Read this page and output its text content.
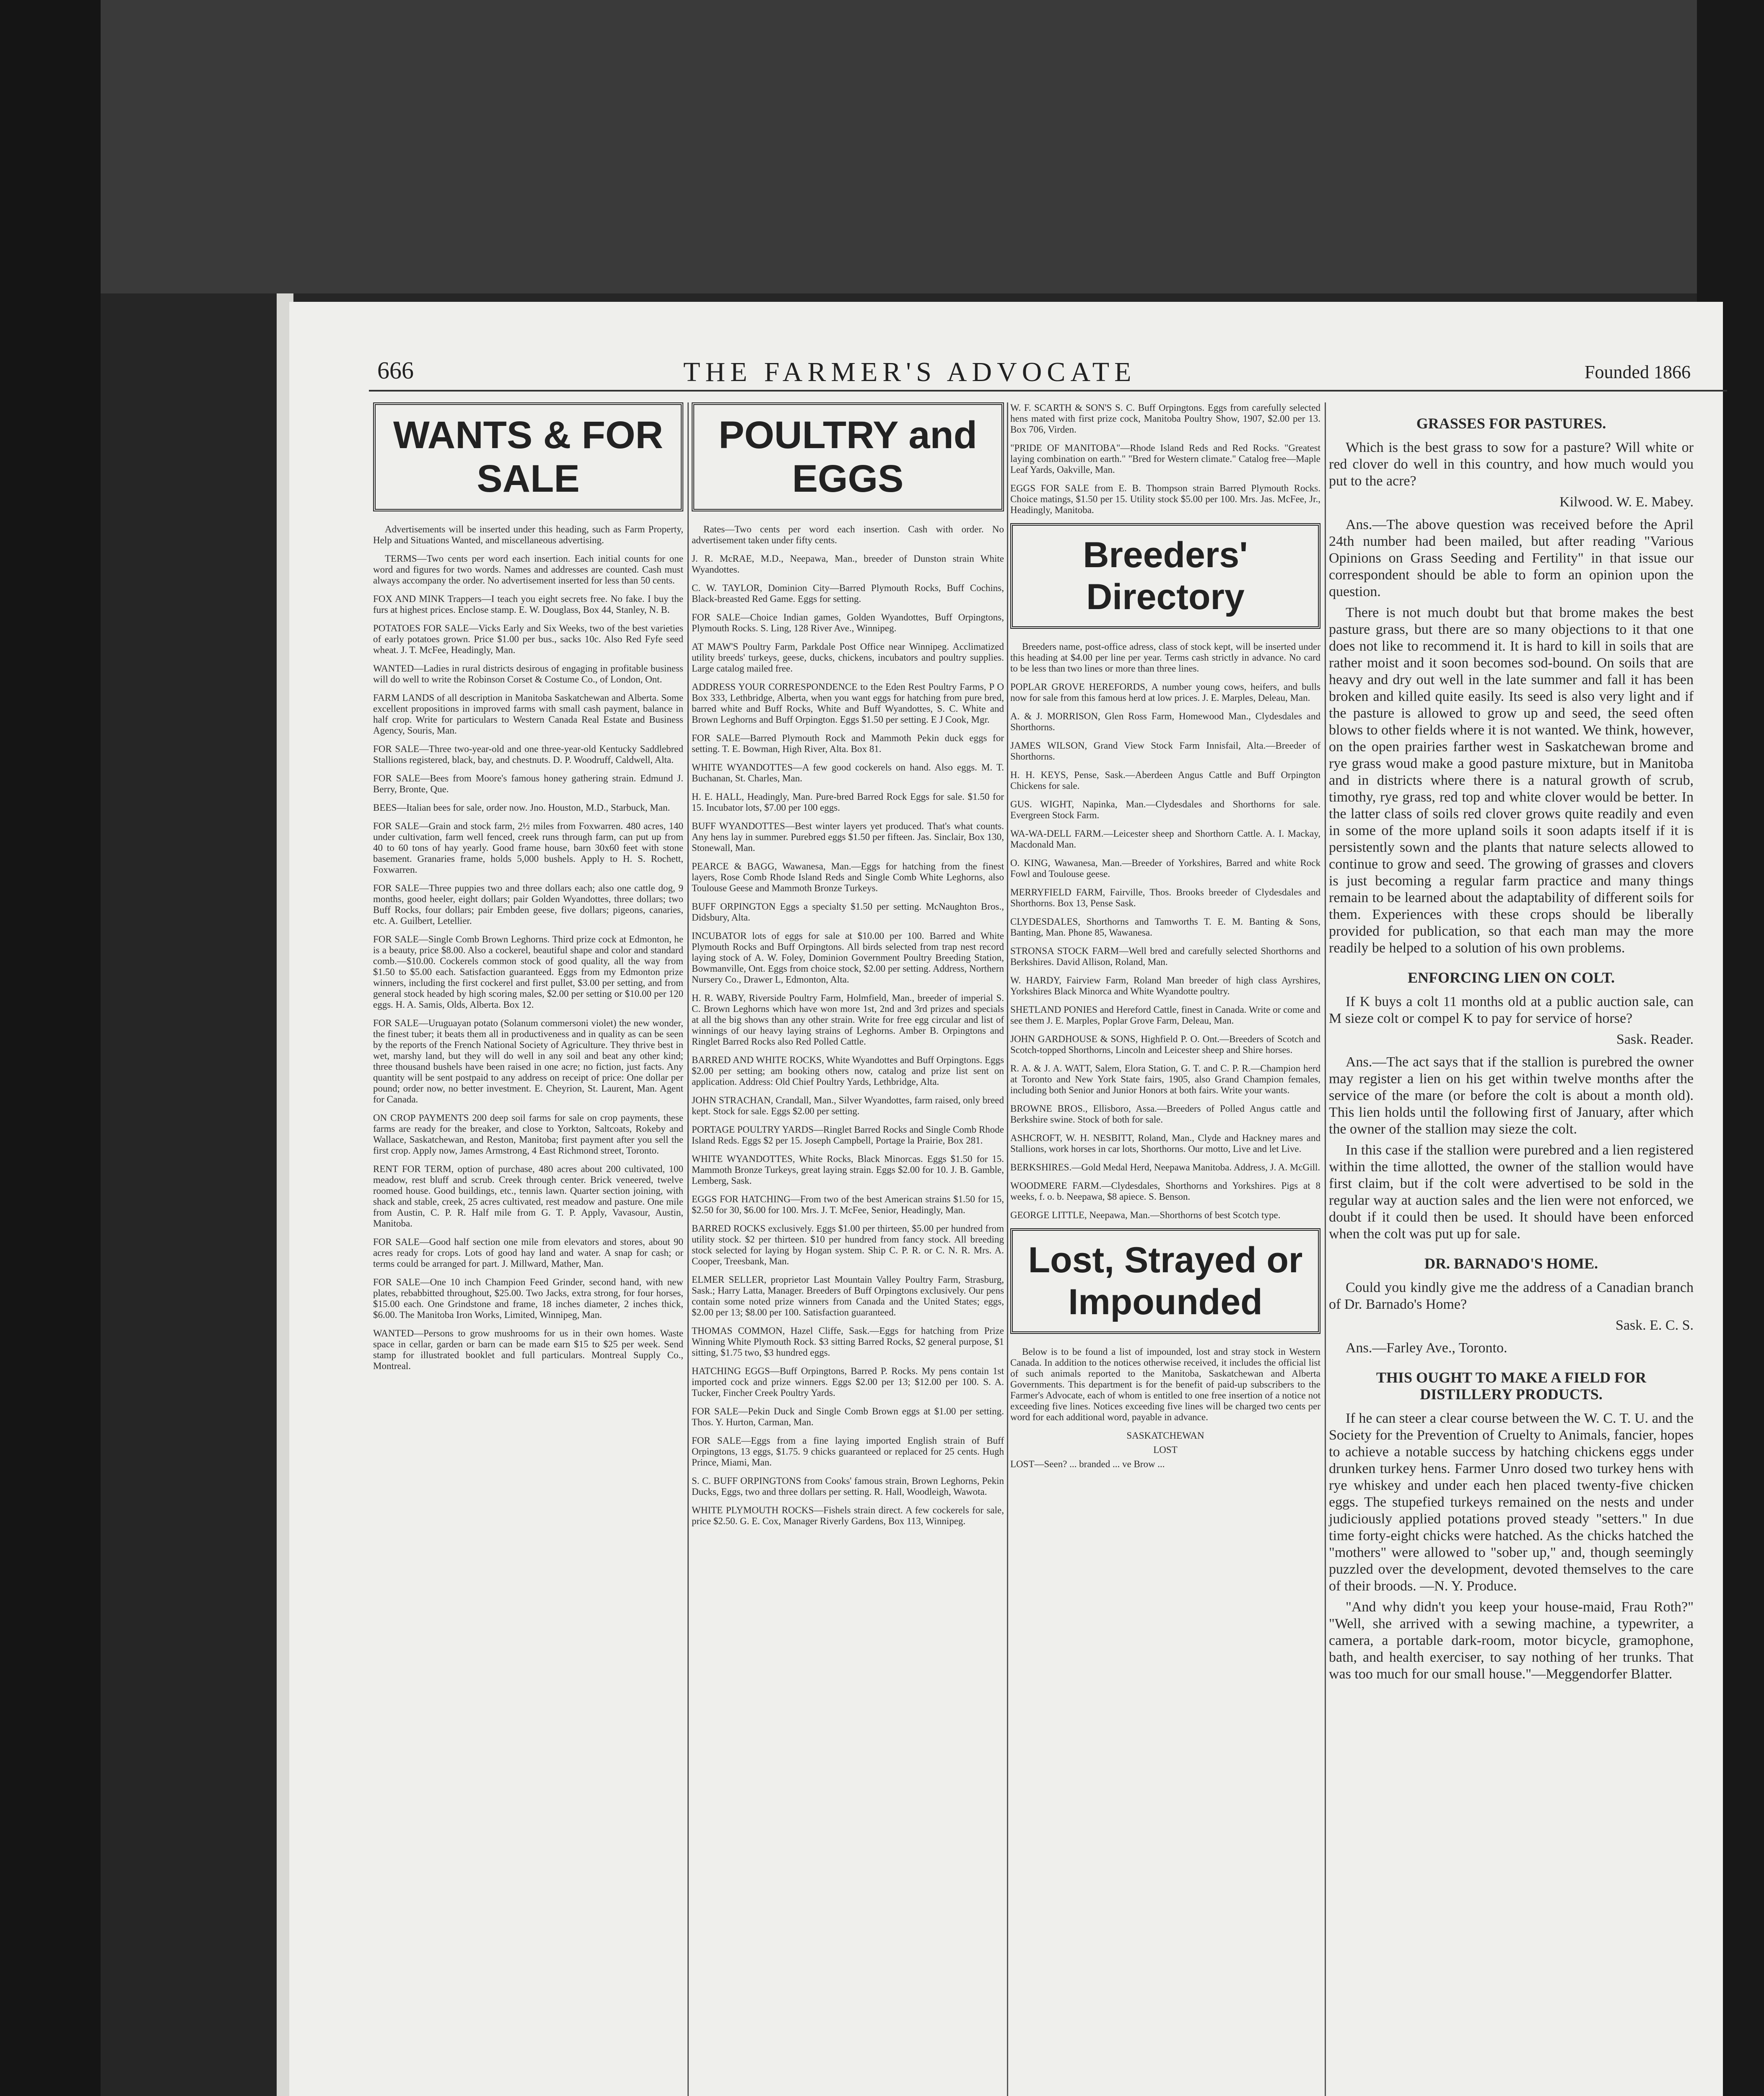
666	THE FARMER'S ADVOCATE	Founded 1866
WANTS & FOR SALE

Advertisements will be inserted under this heading, such as Farm Property, Help and Situations Wanted, and miscellaneous advertising.

TERMS—Two cents per word each insertion. Each initial counts for one word and figures for two words. Names and addresses are counted. Cash must always accompany the order. No advertisement inserted for less than 50 cents.

FOX AND MINK Trappers—I teach you eight secrets free. No fake. I buy the furs at highest prices. Enclose stamp. E. W. Douglass, Box 44, Stanley, N. B.

POTATOES FOR SALE—Vicks Early and Six Weeks, two of the best varieties of early potatoes grown. Price $1.00 per bus., sacks 10c. Also Red Fyfe seed wheat. J. T. McFee, Headingly, Man.

WANTED—Ladies in rural districts desirous of engaging in profitable business will do well to write the Robinson Corset & Costume Co., of London, Ont.

FARM LANDS of all description in Manitoba Saskatchewan and Alberta. Some excellent propositions in improved farms with small cash payment, balance in half crop. Write for particulars to Western Canada Real Estate and Business Agency, Souris, Man.

FOR SALE—Three two-year-old and one three-year-old Kentucky Saddlebred Stallions registered, black, bay, and chestnuts. D. P. Woodruff, Caldwell, Alta.

FOR SALE—Bees from Moore's famous honey gathering strain. Edmund J. Berry, Bronte, Que.

BEES—Italian bees for sale, order now. Jno. Houston, M.D., Starbuck, Man.

FOR SALE—Grain and stock farm, 2½ miles from Foxwarren. 480 acres, 140 under cultivation, farm well fenced, creek runs through farm, can put up from 40 to 60 tons of hay yearly. Good frame house, barn 30x60 feet with stone basement. Granaries frame, holds 5,000 bushels. Apply to H. S. Rochett, Foxwarren.

FOR SALE—Three puppies two and three dollars each; also one cattle dog, 9 months, good heeler, eight dollars; pair Golden Wyandottes, three dollars; two Buff Rocks, four dollars; pair Embden geese, five dollars; pigeons, canaries, etc. A. Guilbert, Letellier.

FOR SALE—Single Comb Brown Leghorns. Third prize cock at Edmonton, he is a beauty, price $8.00. Also a cockerel, beautiful shape and color and standard comb.—$10.00. Cockerels common stock of good quality, all the way from $1.50 to $5.00 each. Satisfaction guaranteed. Eggs from my Edmonton prize winners, including the first cockerel and first pullet, $3.00 per setting, and from general stock headed by high scoring males, $2.00 per setting or $10.00 per 120 eggs. H. A. Samis, Olds, Alberta. Box 12.

FOR SALE—Uruguayan potato (Solanum commersoni violet) the new wonder, the finest tuber; it beats them all in productiveness and in quality as can be seen by the reports of the French National Society of Agriculture. They thrive best in wet, marshy land, but they will do well in any soil and beat any other kind; three thousand bushels have been raised in one acre; no fiction, just facts. Any quantity will be sent postpaid to any address on receipt of price: One dollar per pound; order now, no better investment. E. Cheyrion, St. Laurent, Man. Agent for Canada.

ON CROP PAYMENTS 200 deep soil farms for sale on crop payments, these farms are ready for the breaker, and close to Yorkton, Saltcoats, Rokeby and Wallace, Saskatchewan, and Reston, Manitoba; first payment after you sell the first crop. Apply now, James Armstrong, 4 East Richmond street, Toronto.

RENT FOR TERM, option of purchase, 480 acres about 200 cultivated, 100 meadow, rest bluff and scrub. Creek through center. Brick veneered, twelve roomed house. Good buildings, etc., tennis lawn. Quarter section joining, with shack and stable, creek, 25 acres cultivated, rest meadow and pasture. One mile from Austin, C. P. R. Half mile from G. T. P. Apply, Vavasour, Austin, Manitoba.

FOR SALE—Good half section one mile from elevators and stores, about 90 acres ready for crops. Lots of good hay land and water. A snap for cash; or terms could be arranged for part. J. Millward, Mather, Man.

FOR SALE—One 10 inch Champion Feed Grinder, second hand, with new plates, rebabbitted throughout, $25.00. Two Jacks, extra strong, for four horses, $15.00 each. One Grindstone and frame, 18 inches diameter, 2 inches thick, $6.00. The Manitoba Iron Works, Limited, Winnipeg, Man.

WANTED—Persons to grow mushrooms for us in their own homes. Waste space in cellar, garden or barn can be made earn $15 to $25 per week. Send stamp for illustrated booklet and full particulars. Montreal Supply Co., Montreal.

POULTRY and EGGS

Rates—Two cents per word each insertion. Cash with order. No advertisement taken under fifty cents.

J. R. McRAE, M.D., Neepawa, Man., breeder of Dunston strain White Wyandottes.

C. W. TAYLOR, Dominion City—Barred Plymouth Rocks, Buff Cochins, Black-breasted Red Game. Eggs for setting.

FOR SALE—Choice Indian games, Golden Wyandottes, Buff Orpingtons, Plymouth Rocks. S. Ling, 128 River Ave., Winnipeg.

AT MAW'S Poultry Farm, Parkdale Post Office near Winnipeg. Acclimatized utility breeds' turkeys, geese, ducks, chickens, incubators and poultry supplies. Large catalog mailed free.

ADDRESS YOUR CORRESPONDENCE to the Eden Rest Poultry Farms, P O Box 333, Lethbridge, Alberta, when you want eggs for hatching from pure bred, barred white and Buff Rocks, White and Buff Wyandottes, S. C. White and Brown Leghorns and Buff Orpington. Eggs $1.50 per setting. E J Cook, Mgr.

FOR SALE—Barred Plymouth Rock and Mammoth Pekin duck eggs for setting. T. E. Bowman, High River, Alta. Box 81.

WHITE WYANDOTTES—A few good cockerels on hand. Also eggs. M. T. Buchanan, St. Charles, Man.

H. E. HALL, Headingly, Man. Pure-bred Barred Rock Eggs for sale. $1.50 for 15. Incubator lots, $7.00 per 100 eggs.

BUFF WYANDOTTES—Best winter layers yet produced. That's what counts. Any hens lay in summer. Purebred eggs $1.50 per fifteen. Jas. Sinclair, Box 130, Stonewall, Man.

PEARCE & BAGG, Wawanesa, Man.—Eggs for hatching from the finest layers, Rose Comb Rhode Island Reds and Single Comb White Leghorns, also Toulouse Geese and Mammoth Bronze Turkeys.

BUFF ORPINGTON Eggs a specialty $1.50 per setting. McNaughton Bros., Didsbury, Alta.

INCUBATOR lots of eggs for sale at $10.00 per 100. Barred and White Plymouth Rocks and Buff Orpingtons. All birds selected from trap nest record laying stock of A. W. Foley, Dominion Government Poultry Breeding Station, Bowmanville, Ont. Eggs from choice stock, $2.00 per setting. Address, Northern Nursery Co., Drawer L, Edmonton, Alta.

H. R. WABY, Riverside Poultry Farm, Holmfield, Man., breeder of imperial S. C. Brown Leghorns which have won more 1st, 2nd and 3rd prizes and specials at all the big shows than any other strain. Write for free egg circular and list of winnings of our heavy laying strains of Leghorns. Amber B. Orpingtons and Ringlet Barred Rocks also Red Polled Cattle.

BARRED AND WHITE ROCKS, White Wyandottes and Buff Orpingtons. Eggs $2.00 per setting; am booking others now, catalog and prize list sent on application. Address: Old Chief Poultry Yards, Lethbridge, Alta.

JOHN STRACHAN, Crandall, Man., Silver Wyandottes, farm raised, only breed kept. Stock for sale. Eggs $2.00 per setting.

PORTAGE POULTRY YARDS—Ringlet Barred Rocks and Single Comb Rhode Island Reds. Eggs $2 per 15. Joseph Campbell, Portage la Prairie, Box 281.

WHITE WYANDOTTES, White Rocks, Black Minorcas. Eggs $1.50 for 15. Mammoth Bronze Turkeys, great laying strain. Eggs $2.00 for 10. J. B. Gamble, Lemberg, Sask.

EGGS FOR HATCHING—From two of the best American strains $1.50 for 15, $2.50 for 30, $6.00 for 100. Mrs. J. T. McFee, Senior, Headingly, Man.

BARRED ROCKS exclusively. Eggs $1.00 per thirteen, $5.00 per hundred from utility stock. $2 per thirteen. $10 per hundred from fancy stock. All breeding stock selected for laying by Hogan system. Ship C. P. R. or C. N. R. Mrs. A. Cooper, Treesbank, Man.

ELMER SELLER, proprietor Last Mountain Valley Poultry Farm, Strasburg, Sask.; Harry Latta, Manager. Breeders of Buff Orpingtons exclusively. Our pens contain some noted prize winners from Canada and the United States; eggs, $2.00 per 13; $8.00 per 100. Satisfaction guaranteed.

THOMAS COMMON, Hazel Cliffe, Sask.—Eggs for hatching from Prize Winning White Plymouth Rock. $3 sitting Barred Rocks, $2 general purpose, $1 sitting, $1.75 two, $3 hundred eggs.

HATCHING EGGS—Buff Orpingtons, Barred P. Rocks. My pens contain 1st imported cock and prize winners. Eggs $2.00 per 13; $12.00 per 100. S. A. Tucker, Fincher Creek Poultry Yards.

FOR SALE—Pekin Duck and Single Comb Brown eggs at $1.00 per setting. Thos. Y. Hurton, Carman, Man.

FOR SALE—Eggs from a fine laying imported English strain of Buff Orpingtons, 13 eggs, $1.75. 9 chicks guaranteed or replaced for 25 cents. Hugh Prince, Miami, Man.

S. C. BUFF ORPINGTONS from Cooks' famous strain, Brown Leghorns, Pekin Ducks, Eggs, two and three dollars per setting. R. Hall, Woodleigh, Wawota.

WHITE PLYMOUTH ROCKS—Fishels strain direct. A few cockerels for sale, price $2.50. G. E. Cox, Manager Riverly Gardens, Box 113, Winnipeg.

W. F. SCARTH & SON'S S. C. Buff Orpingtons. Eggs from carefully selected hens mated with first prize cock, Manitoba Poultry Show, 1907, $2.00 per 13. Box 706, Virden.

"PRIDE OF MANITOBA"—Rhode Island Reds and Red Rocks. "Greatest laying combination on earth." "Bred for Western climate." Catalog free—Maple Leaf Yards, Oakville, Man.

EGGS FOR SALE from E. B. Thompson strain Barred Plymouth Rocks. Choice matings, $1.50 per 15. Utility stock $5.00 per 100. Mrs. Jas. McFee, Jr., Headingly, Manitoba.

Breeders' Directory

Breeders name, post-office adress, class of stock kept, will be inserted under this heading at $4.00 per line per year. Terms cash strictly in advance. No card to be less than two lines or more than three lines.

POPLAR GROVE HEREFORDS, A number young cows, heifers, and bulls now for sale from this famous herd at low prices. J. E. Marples, Deleau, Man.

A. & J. MORRISON, Glen Ross Farm, Homewood Man., Clydesdales and Shorthorns.

JAMES WILSON, Grand View Stock Farm Innisfail, Alta.—Breeder of Shorthorns.

H. H. KEYS, Pense, Sask.—Aberdeen Angus Cattle and Buff Orpington Chickens for sale.

GUS. WIGHT, Napinka, Man.—Clydesdales and Shorthorns for sale. Evergreen Stock Farm.

WA-WA-DELL FARM.—Leicester sheep and Shorthorn Cattle. A. I. Mackay, Macdonald Man.

O. KING, Wawanesa, Man.—Breeder of Yorkshires, Barred and white Rock Fowl and Toulouse geese.

MERRYFIELD FARM, Fairville, Thos. Brooks breeder of Clydesdales and Shorthorns. Box 13, Pense Sask.

CLYDESDALES, Shorthorns and Tamworths T. E. M. Banting & Sons, Banting, Man. Phone 85, Wawanesa.

STRONSA STOCK FARM—Well bred and carefully selected Shorthorns and Berkshires. David Allison, Roland, Man.

W. HARDY, Fairview Farm, Roland Man breeder of high class Ayrshires, Yorkshires Black Minorca and White Wyandotte poultry.

SHETLAND PONIES and Hereford Cattle, finest in Canada. Write or come and see them J. E. Marples, Poplar Grove Farm, Deleau, Man.

JOHN GARDHOUSE & SONS, Highfield P. O. Ont.—Breeders of Scotch and Scotch-topped Shorthorns, Lincoln and Leicester sheep and Shire horses.

R. A. & J. A. WATT, Salem, Elora Station, G. T. and C. P. R.—Champion herd at Toronto and New York State fairs, 1905, also Grand Champion females, including both Senior and Junior Honors at both fairs. Write your wants.

BROWNE BROS., Ellisboro, Assa.—Breeders of Polled Angus cattle and Berkshire swine. Stock of both for sale.

ASHCROFT, W. H. NESBITT, Roland, Man., Clyde and Hackney mares and Stallions, work horses in car lots, Shorthorns. Our motto, Live and let Live.

BERKSHIRES.—Gold Medal Herd, Neepawa Manitoba. Address, J. A. McGill.

WOODMERE FARM.—Clydesdales, Shorthorns and Yorkshires. Pigs at 8 weeks, f. o. b. Neepawa, $8 apiece. S. Benson.

GEORGE LITTLE, Neepawa, Man.—Shorthorns of best Scotch type.

Lost, Strayed or Impounded

Below is to be found a list of impounded, lost and stray stock in Western Canada. In addition to the notices otherwise received, it includes the official list of such animals reported to the Manitoba, Saskatchewan and Alberta Governments. This department is for the benefit of paid-up subscribers to the Farmer's Advocate, each of whom is entitled to one free insertion of a notice not exceeding five lines. Notices exceeding five lines will be charged two cents per word for each additional word, payable in advance.

SASKATCHEWAN

LOST

LOST—Seen? ... branded ... ve Brow ...

GRASSES FOR PASTURES.

Which is the best grass to sow for a pasture? Will white or red clover do well in this country, and how much would you put to the acre?

Kilwood. W. E. Mabey.

Ans.—The above question was received before the April 24th number had been mailed, but after reading "Various Opinions on Grass Seeding and Fertility" in that issue our correspondent should be able to form an opinion upon the question.

There is not much doubt but that brome makes the best pasture grass, but there are so many objections to it that one does not like to recommend it. It is hard to kill in soils that are rather moist and it soon becomes sod-bound. On soils that are heavy and dry out well in the late summer and fall it has been broken and killed quite easily. Its seed is also very light and if the pasture is allowed to grow up and seed, the seed often blows to other fields where it is not wanted. We think, however, on the open prairies farther west in Saskatchewan brome and rye grass woud make a good pasture mixture, but in Manitoba and in districts where there is a natural growth of scrub, timothy, rye grass, red top and white clover would be better. In the latter class of soils red clover grows quite readily and even in some of the more upland soils it soon adapts itself if it is persistently sown and the plants that nature selects allowed to continue to grow and seed. The growing of grasses and clovers is just becoming a regular farm practice and many things remain to be learned about the adaptability of different soils for them. Experiences with these crops should be liberally provided for publication, so that each man may the more readily be helped to a solution of his own problems.

ENFORCING LIEN ON COLT.

If K buys a colt 11 months old at a public auction sale, can M sieze colt or compel K to pay for service of horse?

Sask. Reader.

Ans.—The act says that if the stallion is purebred the owner may register a lien on his get within twelve months after the service of the mare (or before the colt is about a month old). This lien holds until the following first of January, after which the owner of the stallion may sieze the colt.

In this case if the stallion were purebred and a lien registered within the time allotted, the owner of the stallion would have first claim, but if the colt were advertised to be sold in the regular way at auction sales and the lien were not enforced, we doubt if it could then be used. It should have been enforced when the colt was put up for sale.

DR. BARNADO'S HOME.

Could you kindly give me the address of a Canadian branch of Dr. Barnado's Home?

Sask. E. C. S.

Ans.—Farley Ave., Toronto.

THIS OUGHT TO MAKE A FIELD FOR DISTILLERY PRODUCTS.

If he can steer a clear course between the W. C. T. U. and the Society for the Prevention of Cruelty to Animals, fancier, hopes to achieve a notable success by hatching chickens eggs under drunken turkey hens. Farmer Unro dosed two turkey hens with rye whiskey and under each hen placed twenty-five chicken eggs. The stupefied turkeys remained on the nests and under judiciously applied potations proved steady "setters." In due time forty-eight chicks were hatched. As the chicks hatched the "mothers" were allowed to "sober up," and, though seemingly puzzled over the development, devoted themselves to the care of their broods. —N. Y. Produce.

"And why didn't you keep your house-maid, Frau Roth?" "Well, she arrived with a sewing machine, a typewriter, a camera, a portable dark-room, motor bicycle, gramophone, bath, and health exerciser, to say nothing of her trunks. That was too much for our small house."—Meggendorfer Blatter.
